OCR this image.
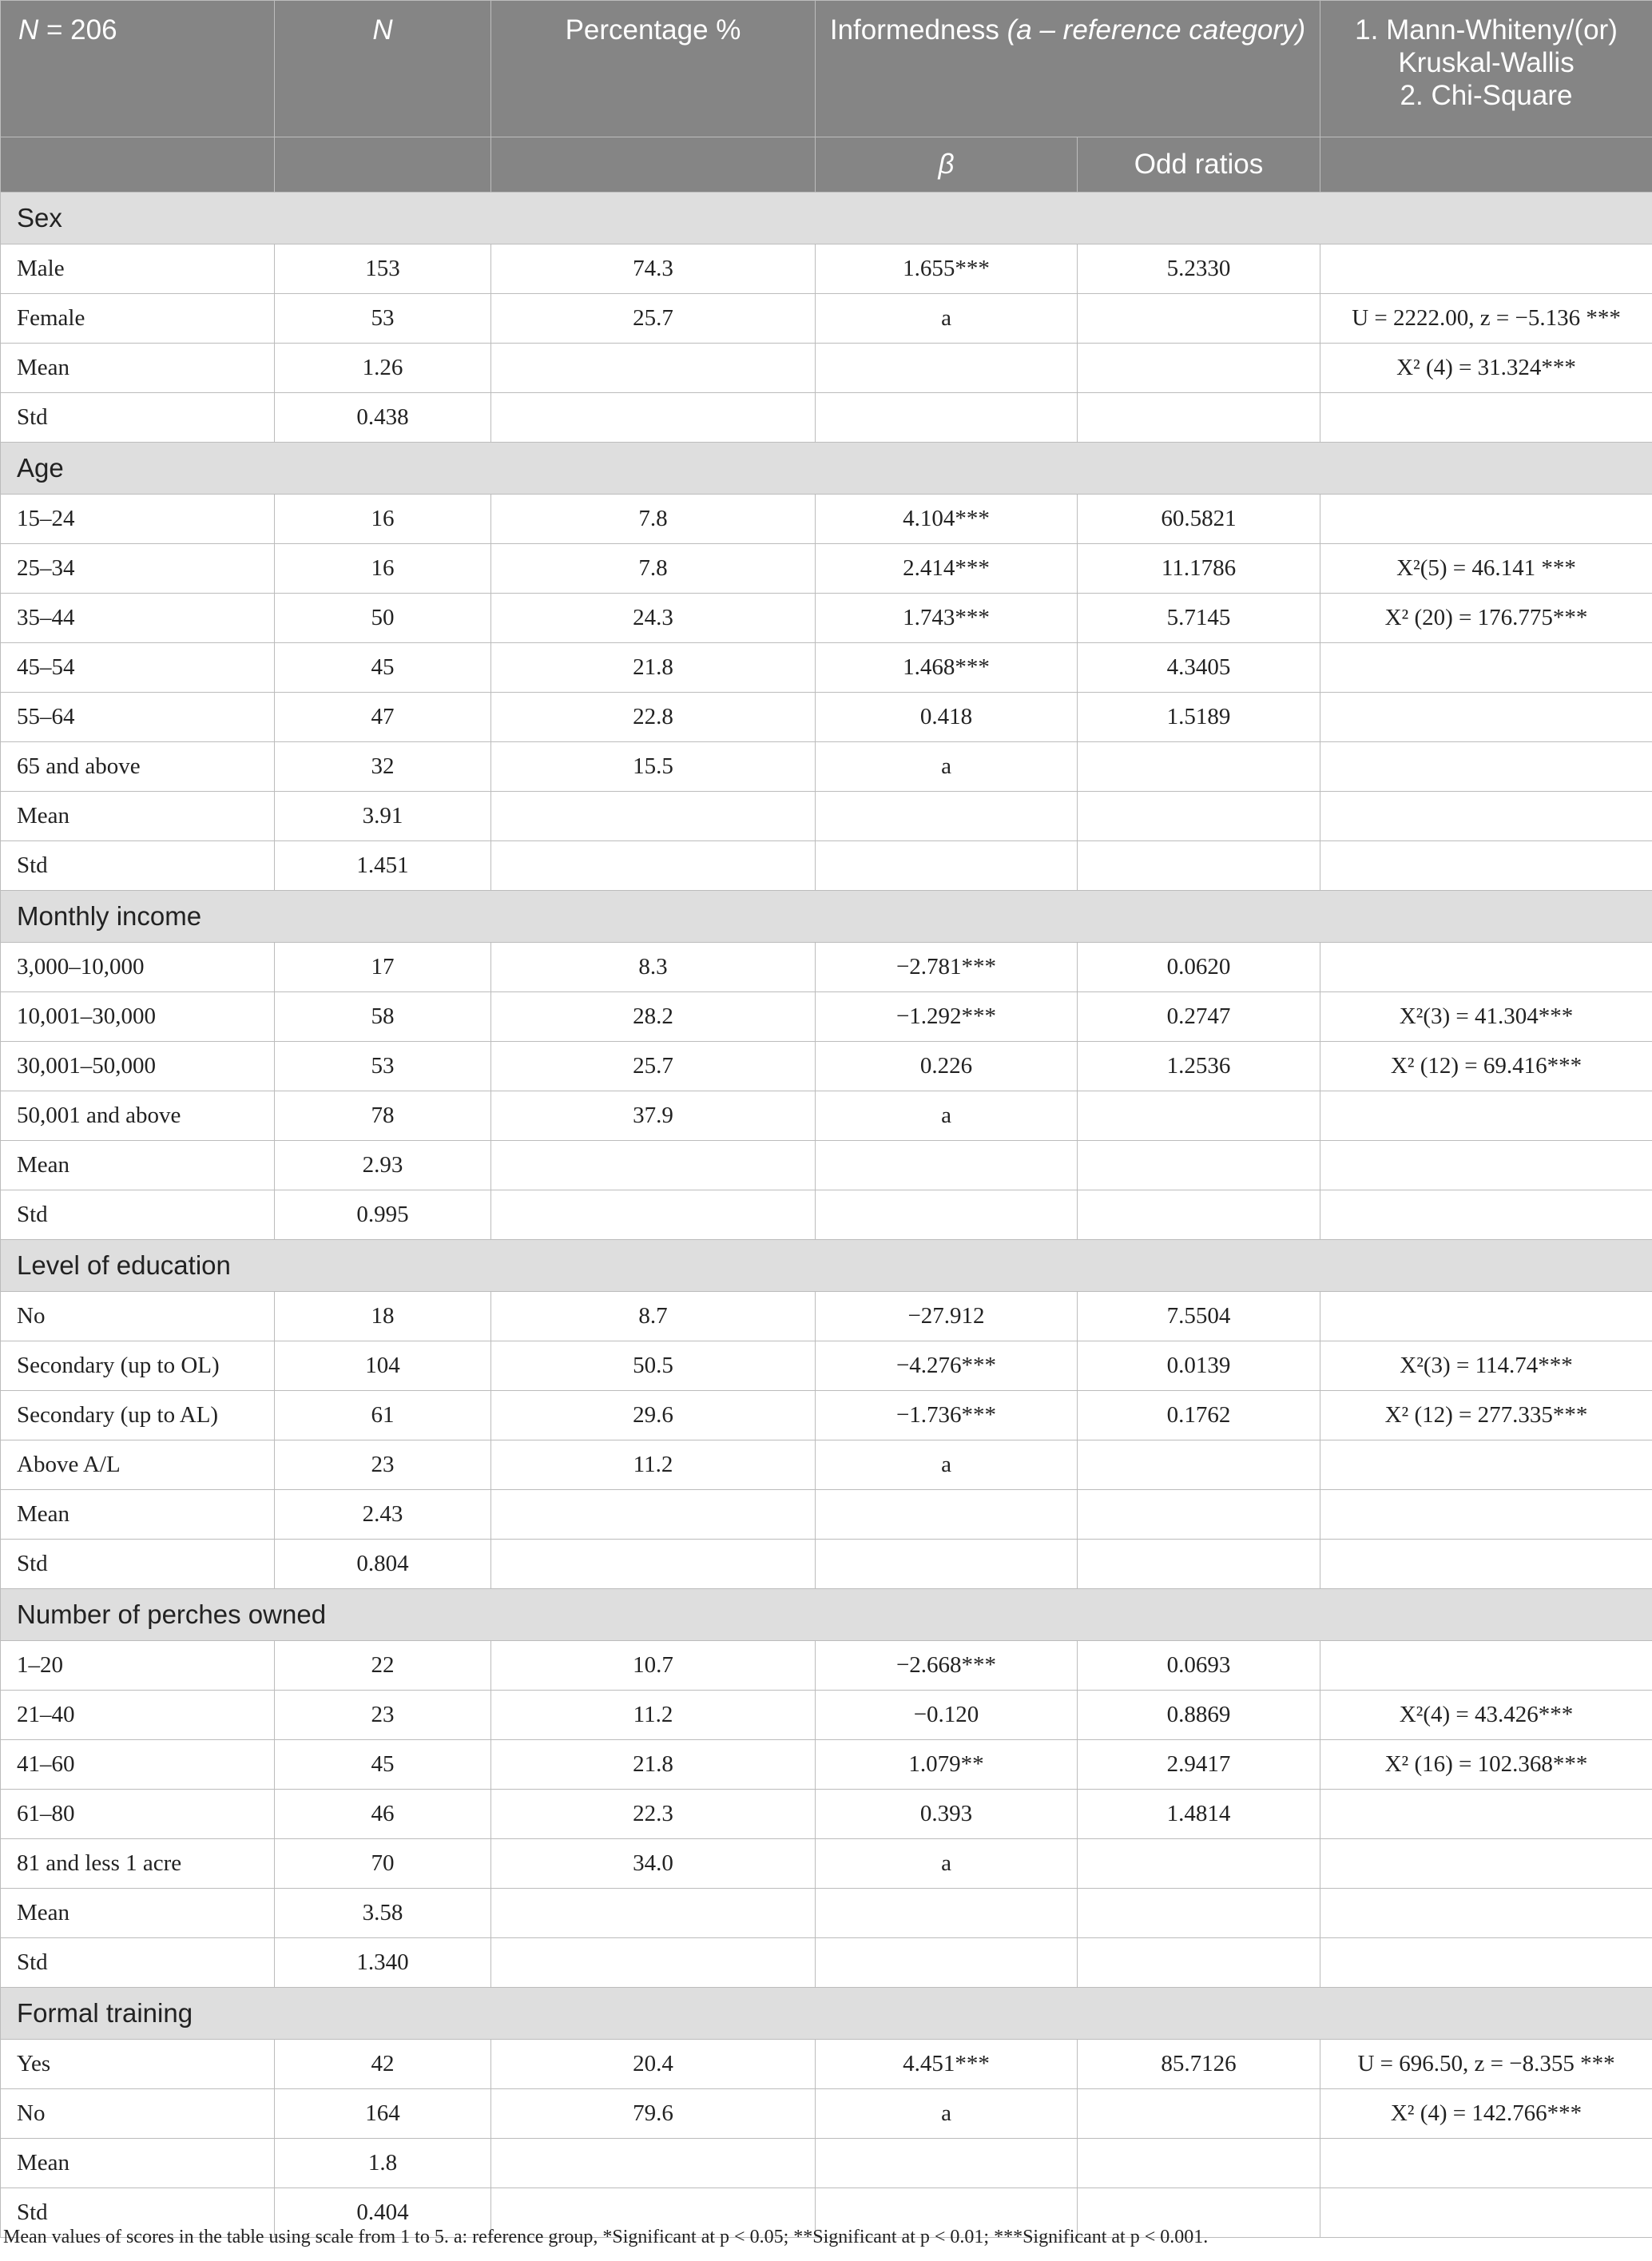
N = 206	N	Percentage %	Informedness (a – reference category)		1. Mann-Whiteny/(or) Kruskal-Wallis
2. Chi-Square

			β	Odd ratios	
Sex					
Male	153	74.3	1.655***	5.2330	
Female	53	25.7	a		U = 2222.00, z = −5.136 ***
Mean	1.26				X² (4) = 31.324***
Std	0.438				
Age					
15–24	16	7.8	4.104***	60.5821	
25–34	16	7.8	2.414***	11.1786	X²(5) = 46.141 ***
35–44	50	24.3	1.743***	5.7145	X² (20) = 176.775***
45–54	45	21.8	1.468***	4.3405	
55–64	47	22.8	0.418	1.5189	
65 and above	32	15.5	a		
Mean	3.91				
Std	1.451				
Monthly income					
3,000–10,000	17	8.3	−2.781***	0.0620	
10,001–30,000	58	28.2	−1.292***	0.2747	X²(3) = 41.304***
30,001–50,000	53	25.7	0.226	1.2536	X² (12) = 69.416***
50,001 and above	78	37.9	a		
Mean	2.93				
Std	0.995				
Level of education					
No	18	8.7	−27.912	7.5504	
Secondary (up to OL)	104	50.5	−4.276***	0.0139	X²(3) = 114.74***
Secondary (up to AL)	61	29.6	−1.736***	0.1762	X² (12) = 277.335***
Above A/L	23	11.2	a		
Mean	2.43				
Std	0.804				
Number of perches owned					
1–20	22	10.7	−2.668***	0.0693	
21–40	23	11.2	−0.120	0.8869	X²(4) = 43.426***
41–60	45	21.8	1.079**	2.9417	X² (16) = 102.368***
61–80	46	22.3	0.393	1.4814	
81 and less 1 acre	70	34.0	a		
Mean	3.58				
Std	1.340				
Formal training					
Yes	42	20.4	4.451***	85.7126	U = 696.50, z = −8.355 ***
No	164	79.6	a		X² (4) = 142.766***
Mean	1.8				
Std	0.404				
Mean values of scores in the table using scale from 1 to 5. a: reference group, *Significant at p < 0.05; **Significant at p < 0.01; ***Significant at p < 0.001.
